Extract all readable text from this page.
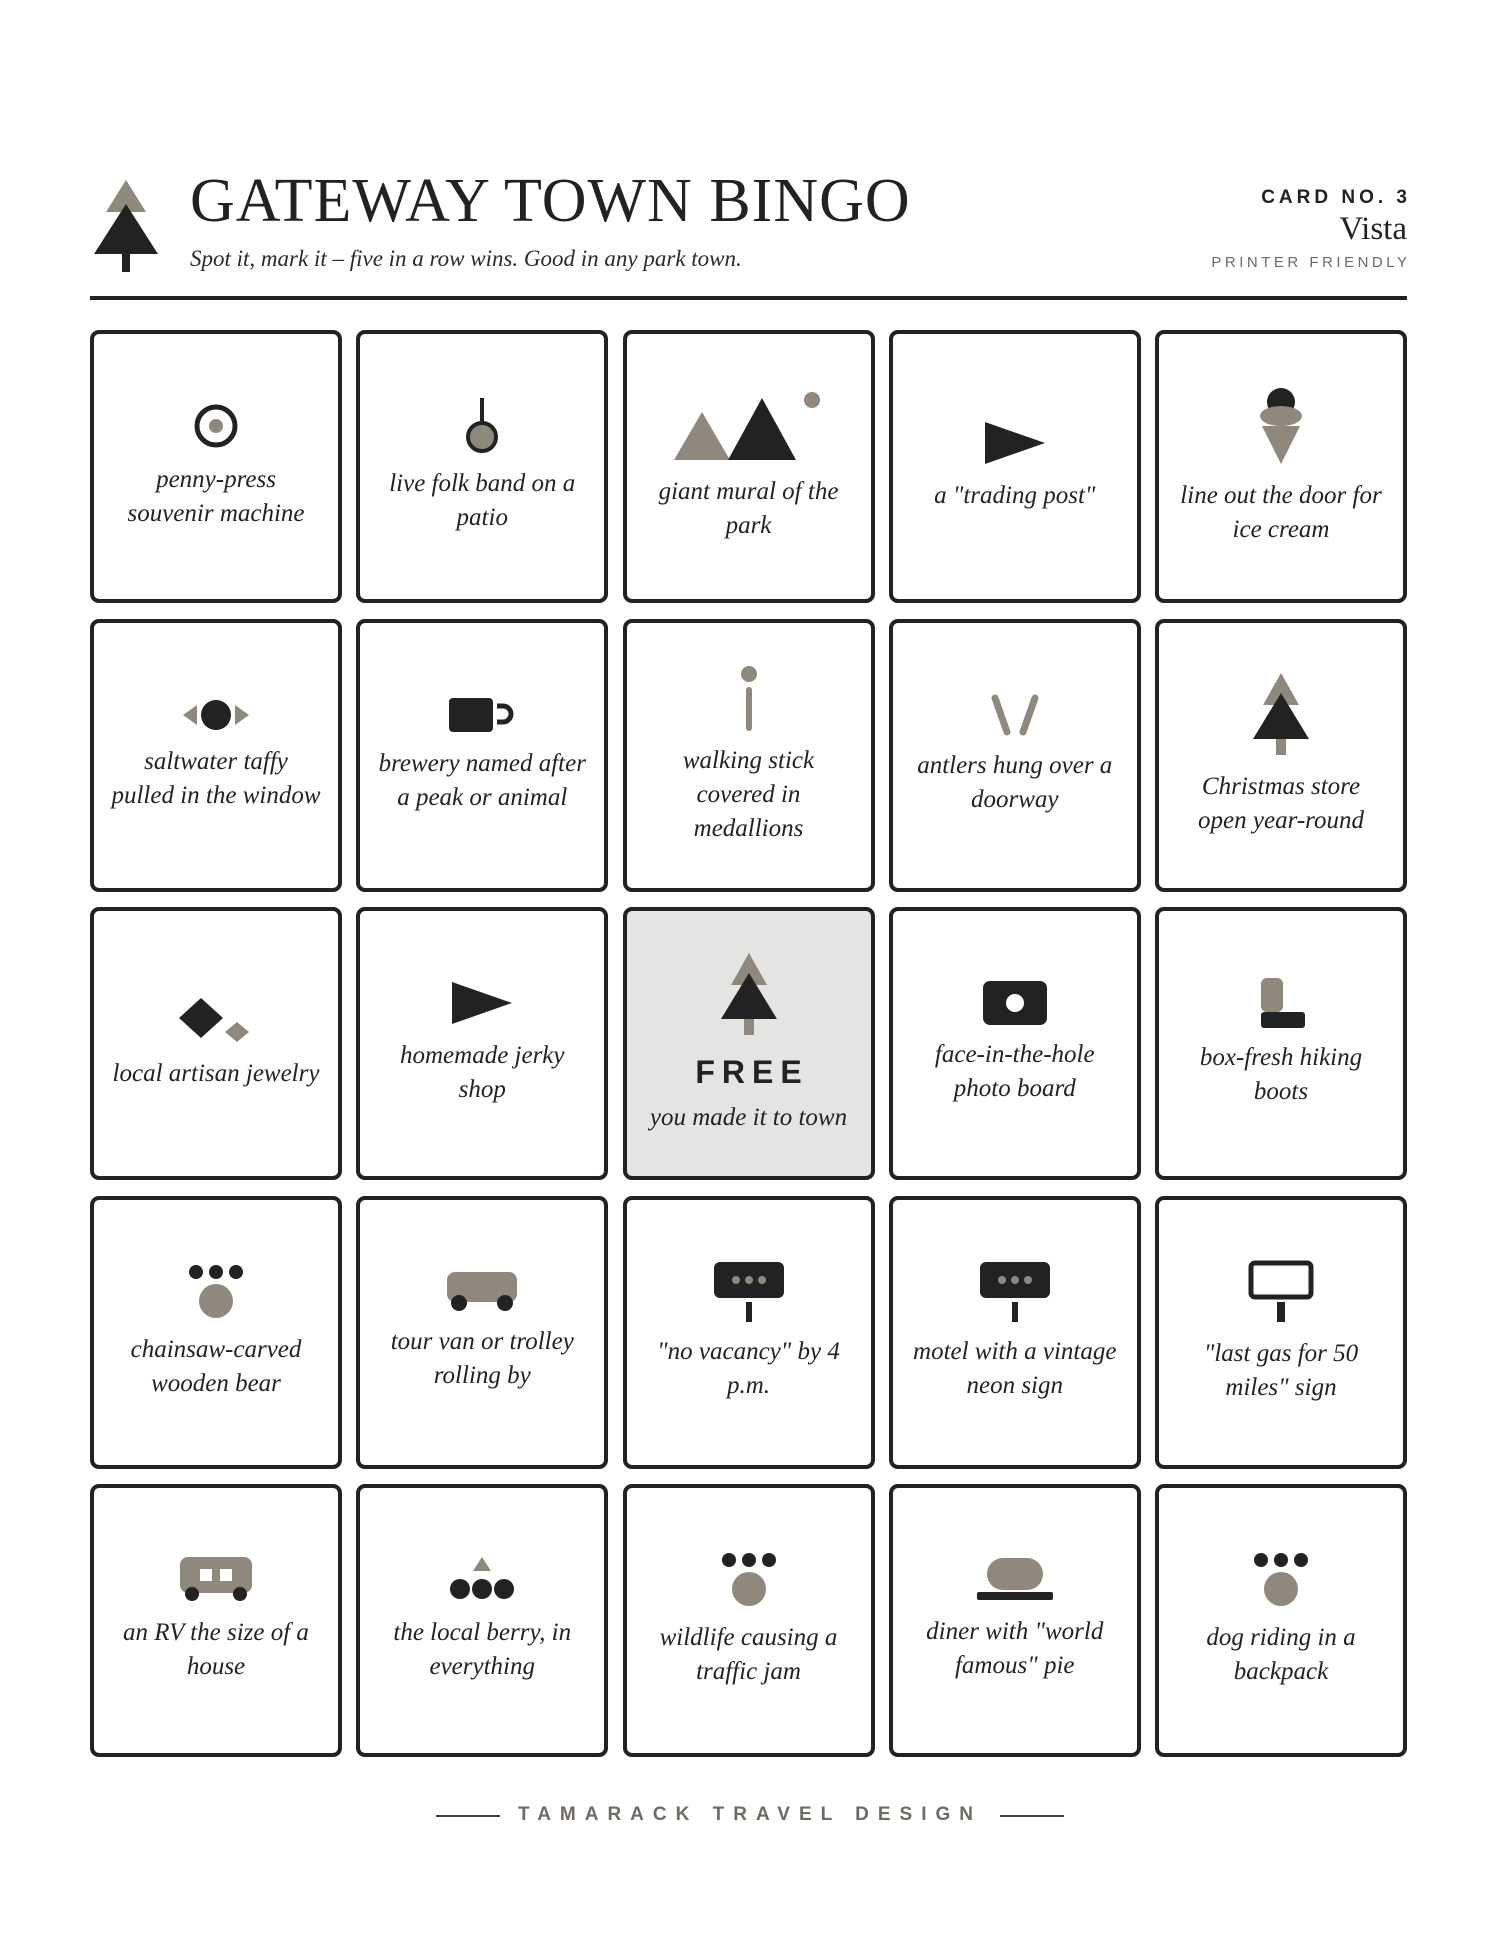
GATEWAY TOWN BINGO
Spot it, mark it – five in a row wins. Good in any park town.
CARD NO. 3
Vista
PRINTER FRIENDLY
penny-press souvenir machine
live folk band on a patio
giant mural of the park
a "trading post"	line out the door for ice cream
saltwater taffy pulled in the window
brewery named after a peak or animal
walking stick covered in medallions
antlers hung over a doorway	Christmas store open year-round
local artisan jewelry
homemade jerky shop	FREE
you made it to town
face-in-the-hole photo board
box-fresh hiking boots
chainsaw-carved wooden bear
tour van or trolley rolling by
"no vacancy" by 4 p.m.
motel with a vintage neon sign
"last gas for 50 miles" sign
an RV the size of a house
the local berry, in everything
wildlife causing a traffic jam
diner with "world famous" pie
dog riding in a backpack
TAMARACK TRAVEL DESIGN
